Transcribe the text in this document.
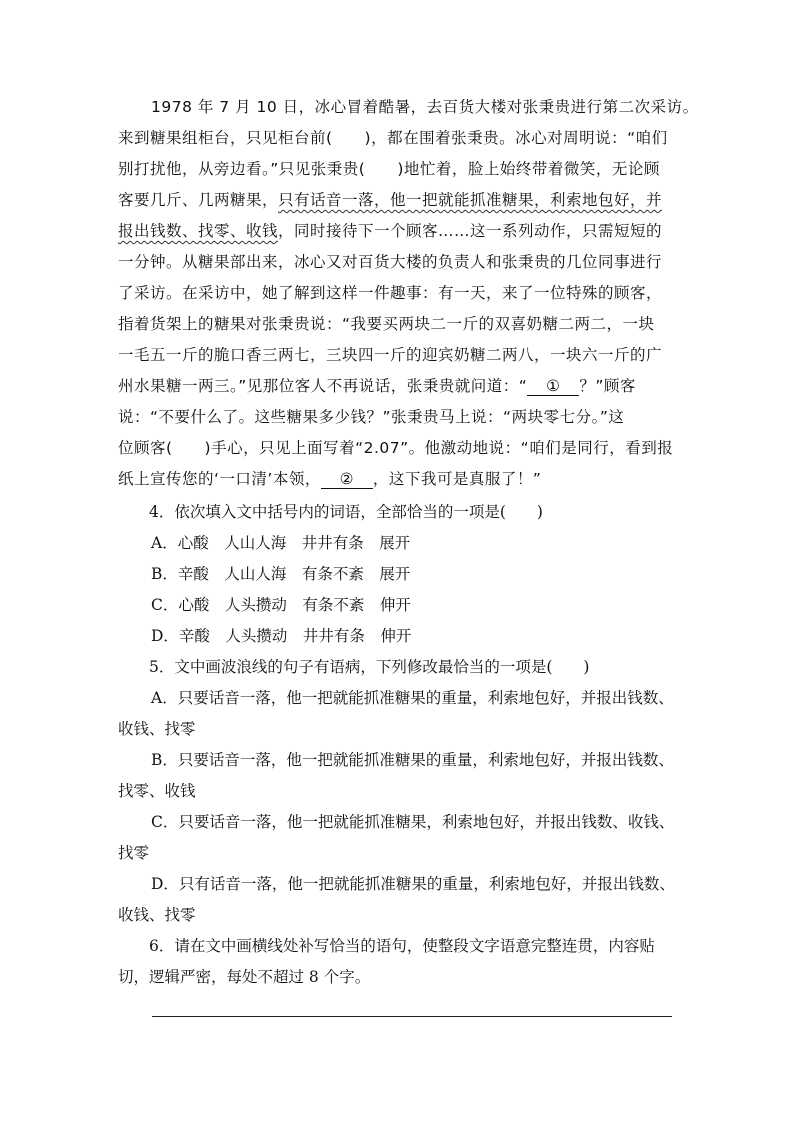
1978 年 7 月 10 日，冰心冒着酷暑，去百货大楼对张秉贵进行第二次采访。
来到糖果组柜台，只见柜台前(　　)，都在围着张秉贵。冰心对周明说：“咱们
别打扰他，从旁边看。”只见张秉贵(　　)地忙着，脸上始终带着微笑，无论顾
客要几斤、几两糖果，只有话音一落，他一把就能抓准糖果，利索地包好，并
报出钱数、找零、收钱，同时接待下一个顾客……这一系列动作，只需短短的
一分钟。从糖果部出来，冰心又对百货大楼的负责人和张秉贵的几位同事进行
了采访。在采访中，她了解到这样一件趣事：有一天，来了一位特殊的顾客，
指着货架上的糖果对张秉贵说：“我要买两块二一斤的双喜奶糖二两二，一块
一毛五一斤的脆口香三两七，三块四一斤的迎宾奶糖二两八，一块六一斤的广
州水果糖一两三。”见那位客人不再说话，张秉贵就问道：“ ① ？”顾客
说：“不要什么了。这些糖果多少钱？”张秉贵马上说：“两块零七分。”这
位顾客(　　)手心，只见上面写着“2.07”。他激动地说：“咱们是同行，看到报
纸上宣传您的‘一口清’本领， ② ，这下我可是真服了！”
4．依次填入文中括号内的词语，全部恰当的一项是(　　)
A．心酸　人山人海　井井有条　展开
B．辛酸　人山人海　有条不紊　展开
C．心酸　人头攒动　有条不紊　伸开
D．辛酸　人头攒动　井井有条　伸开
5．文中画波浪线的句子有语病，下列修改最恰当的一项是(　　)
A．只要话音一落，他一把就能抓准糖果的重量，利索地包好，并报出钱数、
收钱、找零
B．只要话音一落，他一把就能抓准糖果的重量，利索地包好，并报出钱数、
找零、收钱
C．只要话音一落，他一把就能抓准糖果，利索地包好，并报出钱数、收钱、
找零
D．只有话音一落，他一把就能抓准糖果的重量，利索地包好，并报出钱数、
收钱、找零
6．请在文中画横线处补写恰当的语句，使整段文字语意完整连贯，内容贴
切，逻辑严密，每处不超过 8 个字。
